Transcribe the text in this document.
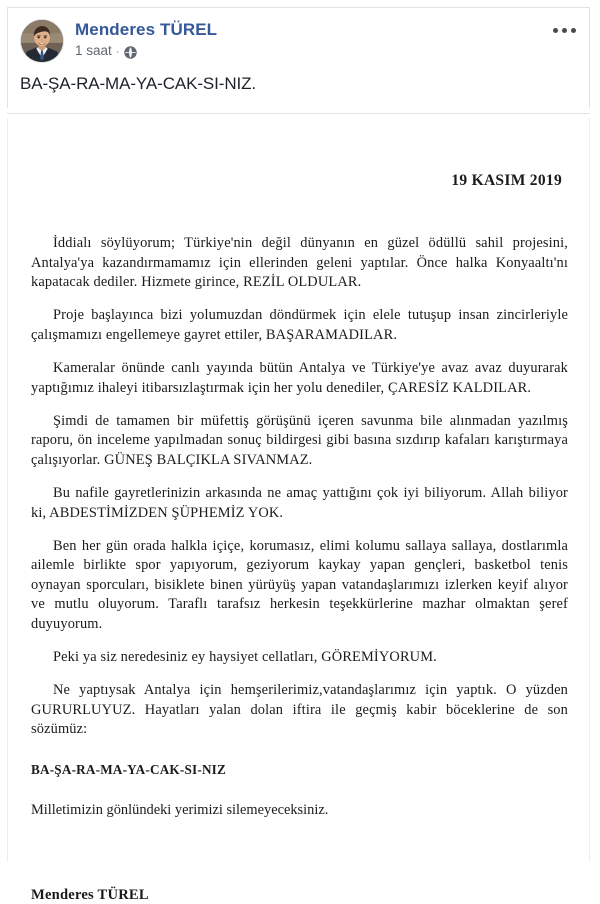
Menderes TÜREL
1 saat ·
BA-ŞA-RA-MA-YA-CAK-SI-NIZ.
19 KASIM 2019

İddialı söylüyorum; Türkiye'nin değil dünyanın en güzel ödüllü sahil projesini, Antalya'ya kazandırmamamız için ellerinden geleni yaptılar. Önce halka Konyaaltı'nı kapatacak dediler. Hizmete girince, REZİL OLDULAR.

Proje başlayınca bizi yolumuzdan döndürmek için elele tutuşup insan zincirleriyle çalışmamızı engellemeye gayret ettiler, BAŞARAMADILAR.

Kameralar önünde canlı yayında bütün Antalya ve Türkiye'ye avaz avaz duyurarak yaptığımız ihaleyi itibarsızlaştırmak için her yolu denediler, ÇARESİZ KALDILAR.

Şimdi de tamamen bir müfettiş görüşünü içeren savunma bile alınmadan yazılmış raporu, ön inceleme yapılmadan sonuç bildirgesi gibi basına sızdırıp kafaları karıştırmaya çalışıyorlar. GÜNEŞ BALÇIKLA SIVANMAZ.

Bu nafile gayretlerinizin arkasında ne amaç yattığını çok iyi biliyorum. Allah biliyor ki, ABDESTİMİZDEN ŞÜPHEMİZ YOK.

Ben her gün orada halkla içiçe, korumasız, elimi kolumu sallaya sallaya, dostlarımla ailemle birlikte spor yapıyorum, geziyorum kaykay yapan gençleri, basketbol tenis oynayan sporcuları, bisiklete binen yürüyüş yapan vatandaşlarımızı izlerken keyif alıyor ve mutlu oluyorum. Taraflı tarafsız herkesin teşekkürlerine mazhar olmaktan şeref duyuyorum.

Peki ya siz neredesiniz ey haysiyet cellatları, GÖREMİYORUM.

Ne yaptıysak Antalya için hemşerilerimiz,vatandaşlarımız için yaptık. O yüzden GURURLUYUZ. Hayatları yalan dolan iftira ile geçmiş kabir böceklerine de son sözümüz:

BA-ŞA-RA-MA-YA-CAK-SI-NIZ

Milletimizin gönlündeki yerimizi silemeyeceksiniz.

Menderes TÜREL
